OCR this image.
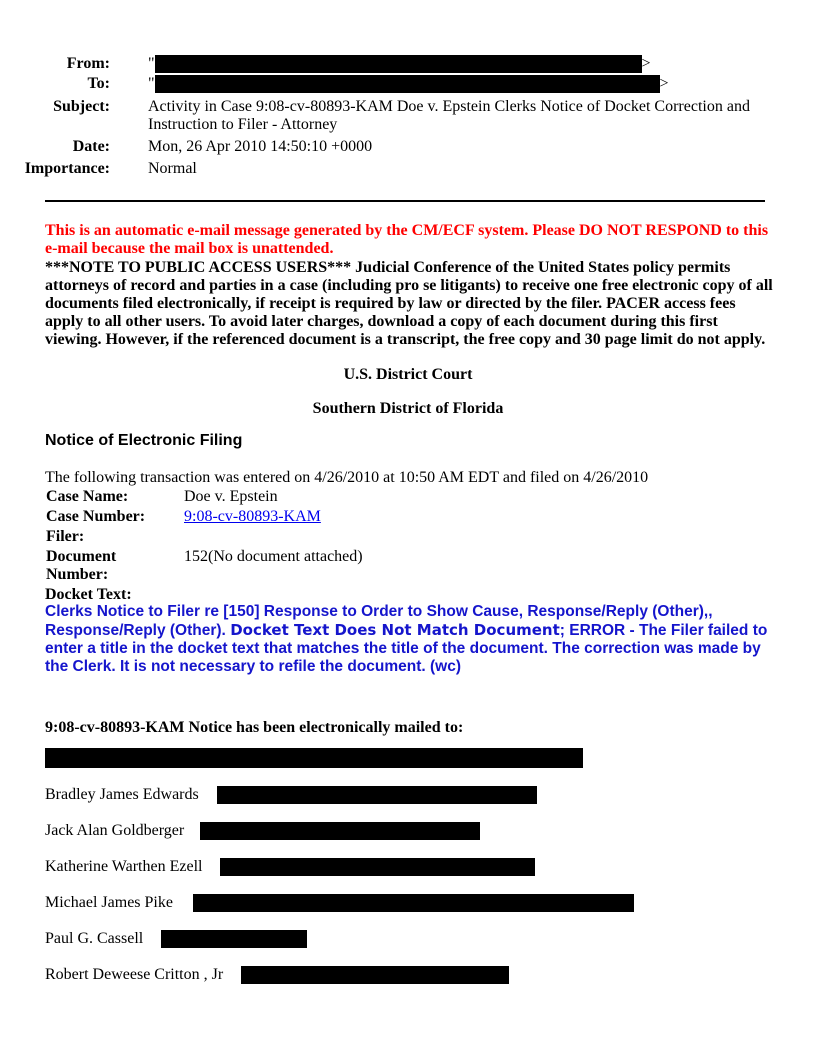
From: "	>
To: "	>
Subject: Activity in Case 9:08-cv-80893-KAM Doe v. Epstein Clerks Notice of Docket Correction and Instruction to Filer - Attorney
Date: Mon, 26 Apr 2010 14:50:10 +0000
Importance: Normal
This is an automatic e-mail message generated by the CM/ECF system. Please DO NOT RESPOND to this e-mail because the mail box is unattended.
***NOTE TO PUBLIC ACCESS USERS*** Judicial Conference of the United States policy permits attorneys of record and parties in a case (including pro se litigants) to receive one free electronic copy of all documents filed electronically, if receipt is required by law or directed by the filer. PACER access fees apply to all other users. To avoid later charges, download a copy of each document during this first viewing. However, if the referenced document is a transcript, the free copy and 30 page limit do not apply.
U.S. District Court
Southern District of Florida
Notice of Electronic Filing
The following transaction was entered on 4/26/2010 at 10:50 AM EDT and filed on 4/26/2010
Case Name:	Doe v. Epstein
Case Number:	9:08-cv-80893-KAM
Filer:	
Document Number:	152(No document attached)
Docket Text:
Clerks Notice to Filer re [150] Response to Order to Show Cause, Response/Reply (Other),, Response/Reply (Other). Docket Text Does Not Match Document; ERROR - The Filer failed to enter a title in the docket text that matches the title of the document. The correction was made by the Clerk. It is not necessary to refile the document. (wc)
9:08-cv-80893-KAM Notice has been electronically mailed to:
Bradley James Edwards
Jack Alan Goldberger
Katherine Warthen Ezell
Michael James Pike
Paul G. Cassell
Robert Deweese Critton , Jr
